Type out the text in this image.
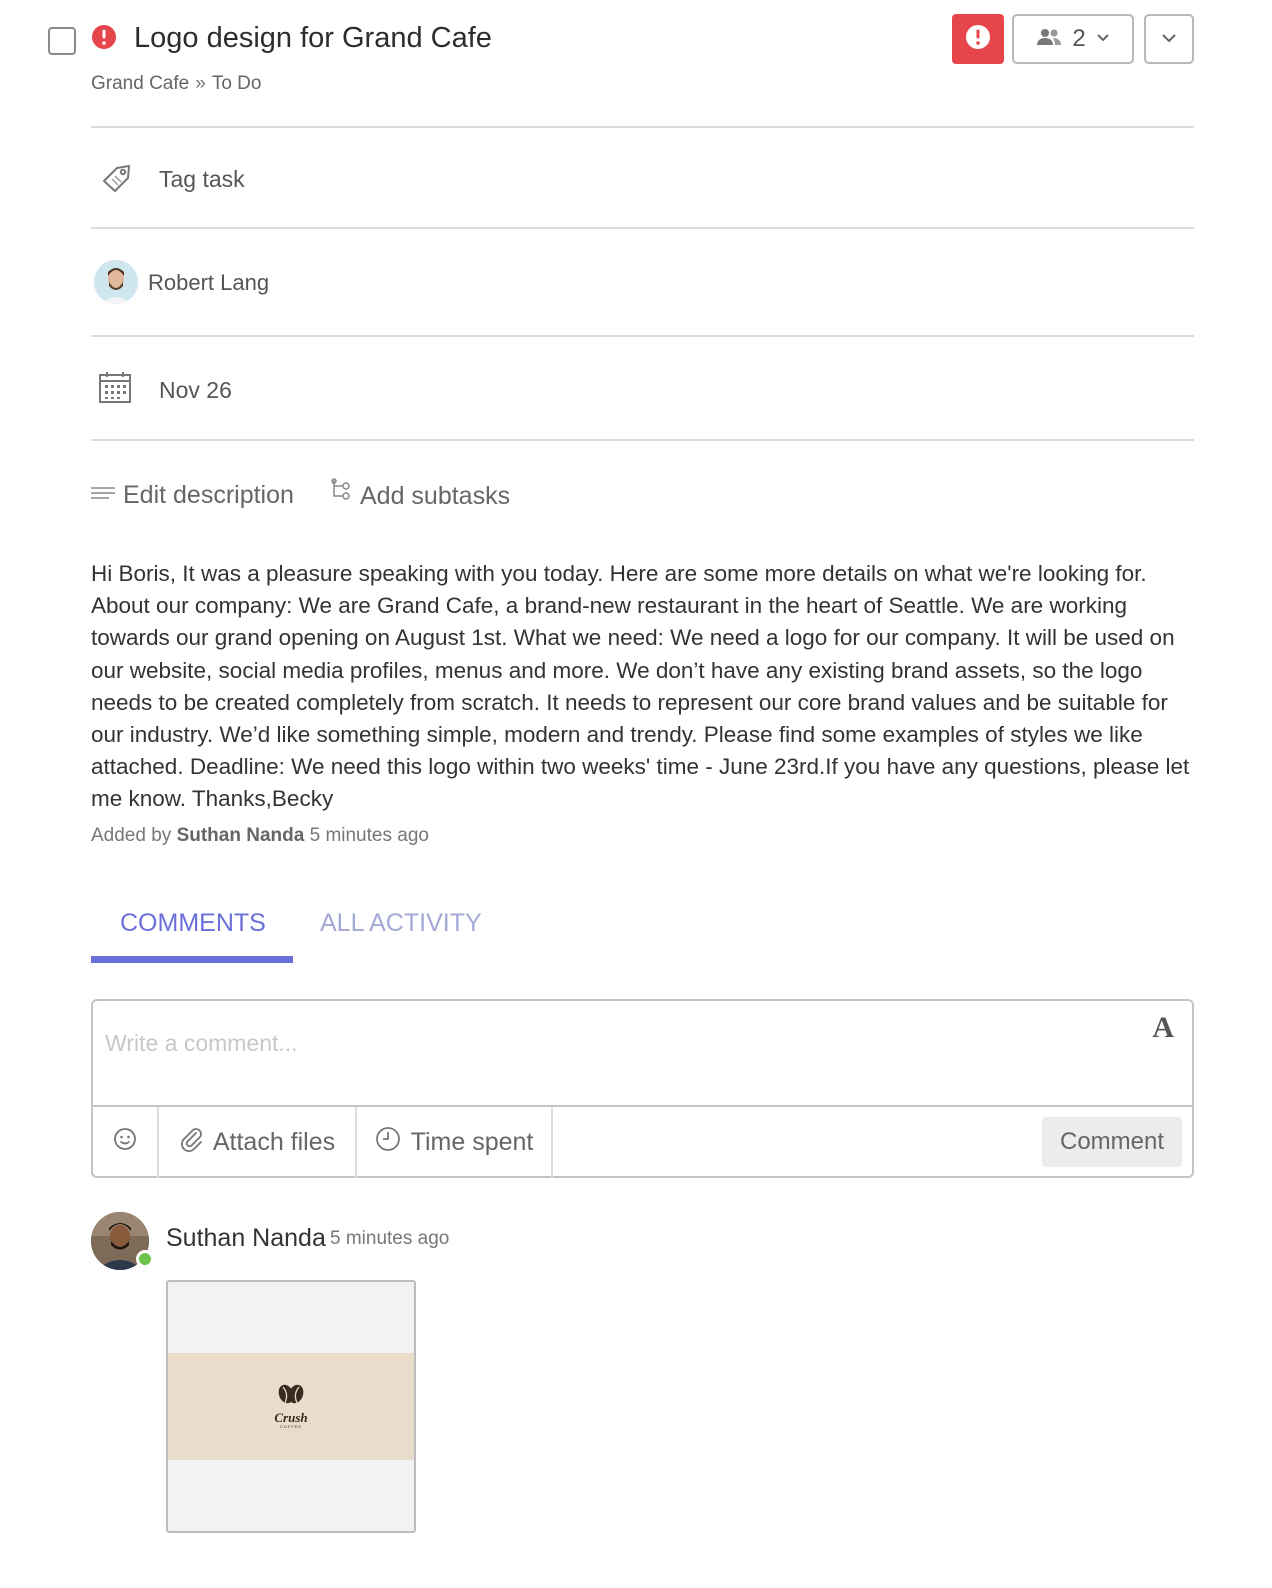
Logo design for Grand Cafe
Grand Cafe » To Do
2
Tag task
Robert Lang
Nov 26
Edit description	Add subtasks
Hi Boris, It was a pleasure speaking with you today. Here are some more details on what we're looking for. About our company: We are Grand Cafe, a brand-new restaurant in the heart of Seattle. We are working towards our grand opening on August 1st. What we need: We need a logo for our company. It will be used on our website, social media profiles, menus and more. We don’t have any existing brand assets, so the logo needs to be created completely from scratch. It needs to represent our core brand values and be suitable for our industry. We’d like something simple, modern and trendy. Please find some examples of styles we like attached. Deadline: We need this logo within two weeks' time - June 23rd.If you have any questions, please let me know. Thanks,Becky
Added by Suthan Nanda 5 minutes ago
COMMENTS ALL ACTIVITY
Write a comment...
A
Attach files	Time spent	Comment
Suthan Nanda 5 minutes ago
Crush
COFFEE
